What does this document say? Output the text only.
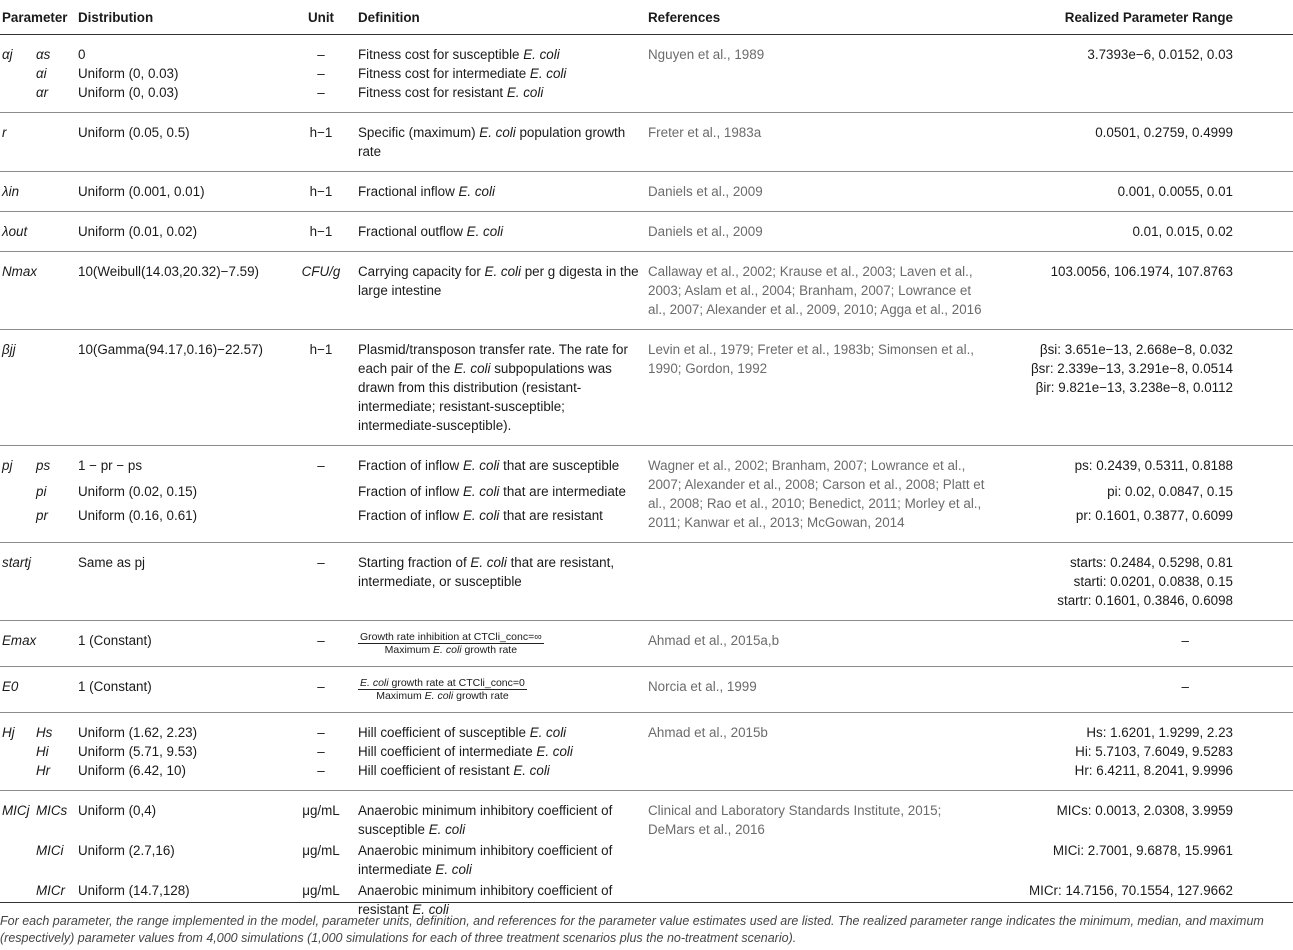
Parameter	Distribution	Unit	Definition	References	Realized Parameter Range
αj αs	0	–	Fitness cost for susceptible E. coli	Nguyen et al., 1989	3.7393e−6, 0.0152, 0.03
αi	Uniform (0, 0.03)	–	Fitness cost for intermediate E. coli		
αr	Uniform (0, 0.03)	–	Fitness cost for resistant E. coli		
r	Uniform (0.05, 0.5)	h−1	Specific (maximum) E. coli population growth rate	Freter et al., 1983a	0.0501, 0.2759, 0.4999
λin	Uniform (0.001, 0.01)	h−1	Fractional inflow E. coli	Daniels et al., 2009	0.001, 0.0055, 0.01
λout	Uniform (0.01, 0.02)	h−1	Fractional outflow E. coli	Daniels et al., 2009	0.01, 0.015, 0.02
Nmax	10(Weibull(14.03,20.32)−7.59)	CFU/g	Carrying capacity for E. coli per g digesta in the large intestine	Callaway et al., 2002; Krause et al., 2003; Laven et al., 2003; Aslam et al., 2004; Branham, 2007; Lowrance et al., 2007; Alexander et al., 2009, 2010; Agga et al., 2016	103.0056, 106.1974, 107.8763
βjj	10(Gamma(94.17,0.16)−22.57)	h−1	Plasmid/transposon transfer rate. The rate for each pair of the E. coli subpopulations was drawn from this distribution (resistant-intermediate; resistant-susceptible; intermediate-susceptible).	Levin et al., 1979; Freter et al., 1983b; Simonsen et al., 1990; Gordon, 1992	βsi: 3.651e−13, 2.668e−8, 0.032
βsr: 2.339e−13, 3.291e−8, 0.0514
βir: 9.821e−13, 3.238e−8, 0.0112

pj ps	1 − pr − ps	–	Fraction of inflow E. coli that are susceptible	Wagner et al., 2002; Branham, 2007; Lowrance et al., 2007; Alexander et al., 2008; Carson et al., 2008; Platt et al., 2008; Rao et al., 2010; Benedict, 2011; Morley et al., 2011; Kanwar et al., 2013; McGowan, 2014	ps: 0.2439, 0.5311, 0.8188
pi	Uniform (0.02, 0.15)		Fraction of inflow E. coli that are intermediate		pi: 0.02, 0.0847, 0.15
pr	Uniform (0.16, 0.61)		Fraction of inflow E. coli that are resistant		pr: 0.1601, 0.3877, 0.6099
startj	Same as pj	–	Starting fraction of E. coli that are resistant, intermediate, or susceptible		starts: 0.2484, 0.5298, 0.81
starti: 0.0201, 0.0838, 0.15
startr: 0.1601, 0.3846, 0.6098

Emax	1 (Constant)	–	$\frac{\text{Growth rate inhibition at CTCli\_conc=∞}}{\text{Maximum E. coli growth rate}}$	Ahmad et al., 2015a,b	–
E0	1 (Constant)	–	$\frac{\text{E. coli growth rate at CTCli\_conc=0}}{\text{Maximum E. coli growth rate}}$	Norcia et al., 1999	–
Hj Hs	Uniform (1.62, 2.23)	–	Hill coefficient of susceptible E. coli	Ahmad et al., 2015b	Hs: 1.6201, 1.9299, 2.23
Hi	Uniform (5.71, 9.53)	–	Hill coefficient of intermediate E. coli		Hi: 5.7103, 7.6049, 9.5283
Hr	Uniform (6.42, 10)	–	Hill coefficient of resistant E. coli		Hr: 6.4211, 8.2041, 9.9996
MICj MICs	Uniform (0,4)	μg/mL	Anaerobic minimum inhibitory coefficient of susceptible E. coli	Clinical and Laboratory Standards Institute, 2015; DeMars et al., 2016	MICs: 0.0013, 2.0308, 3.9959
MICi	Uniform (2.7,16)	μg/mL	Anaerobic minimum inhibitory coefficient of intermediate E. coli		MICi: 2.7001, 9.6878, 15.9961
MICr	Uniform (14.7,128)	μg/mL	Anaerobic minimum inhibitory coefficient of resistant E. coli		MICr: 14.7156, 70.1554, 127.9662
For each parameter, the range implemented in the model, parameter units, definition, and references for the parameter value estimates used are listed. The realized parameter range indicates the minimum, median, and maximum (respectively) parameter values from 4,000 simulations (1,000 simulations for each of three treatment scenarios plus the no-treatment scenario).
